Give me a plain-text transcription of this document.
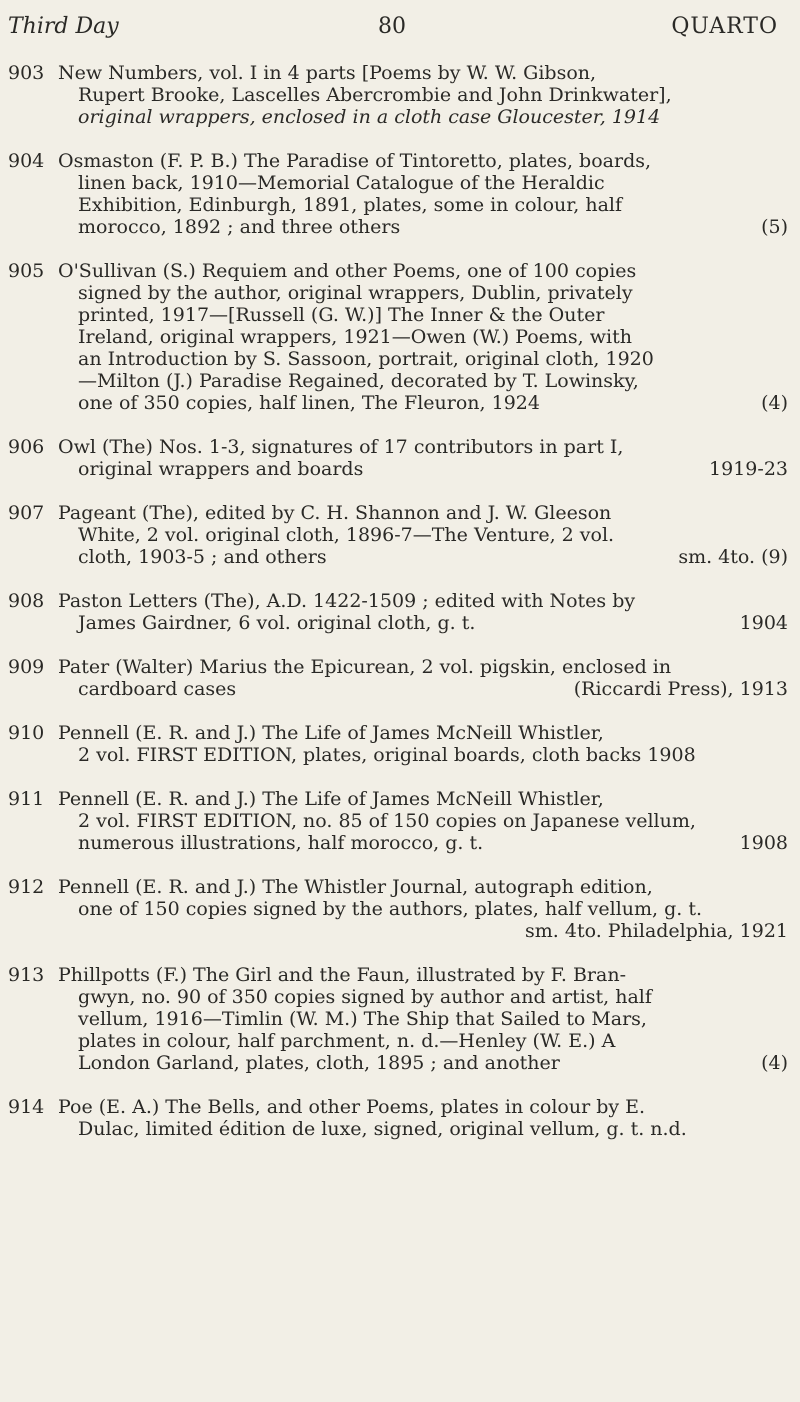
Third Day	80	QUARTO
903 New Numbers, vol. I in 4 parts [Poems by W. W. Gibson,
Rupert Brooke, Lascelles Abercrombie and John Drinkwater],
original wrappers, enclosed in a cloth case Gloucester, 1914
904 Osmaston (F. P. B.) The Paradise of Tintoretto, plates, boards,
linen back, 1910—Memorial Catalogue of the Heraldic
Exhibition, Edinburgh, 1891, plates, some in colour, half
morocco, 1892 ; and three others	(5)
905 O'Sullivan (S.) Requiem and other Poems, one of 100 copies
signed by the author, original wrappers, Dublin, privately
printed, 1917—[Russell (G. W.)] The Inner & the Outer
Ireland, original wrappers, 1921—Owen (W.) Poems, with
an Introduction by S. Sassoon, portrait, original cloth, 1920
—Milton (J.) Paradise Regained, decorated by T. Lowinsky,
one of 350 copies, half linen, The Fleuron, 1924	(4)
906 Owl (The) Nos. 1-3, signatures of 17 contributors in part I,
original wrappers and boards	1919-23
907 Pageant (The), edited by C. H. Shannon and J. W. Gleeson
White, 2 vol. original cloth, 1896-7—The Venture, 2 vol.
cloth, 1903-5 ; and others	sm. 4to. (9)
908 Paston Letters (The), A.D. 1422-1509 ; edited with Notes by
James Gairdner, 6 vol. original cloth, g. t.	1904
909 Pater (Walter) Marius the Epicurean, 2 vol. pigskin, enclosed in
cardboard cases	(Riccardi Press), 1913
910 Pennell (E. R. and J.) The Life of James McNeill Whistler,
2 vol. FIRST EDITION, plates, original boards, cloth backs 1908
911 Pennell (E. R. and J.) The Life of James McNeill Whistler,
2 vol. FIRST EDITION, no. 85 of 150 copies on Japanese vellum,
numerous illustrations, half morocco, g. t.	1908
912 Pennell (E. R. and J.) The Whistler Journal, autograph edition,
one of 150 copies signed by the authors, plates, half vellum, g. t.
sm. 4to. Philadelphia, 1921
913 Phillpotts (F.) The Girl and the Faun, illustrated by F. Bran-
gwyn, no. 90 of 350 copies signed by author and artist, half
vellum, 1916—Timlin (W. M.) The Ship that Sailed to Mars,
plates in colour, half parchment, n. d.—Henley (W. E.) A
London Garland, plates, cloth, 1895 ; and another	(4)
914 Poe (E. A.) The Bells, and other Poems, plates in colour by E.
Dulac, limited édition de luxe, signed, original vellum, g. t. n.d.
